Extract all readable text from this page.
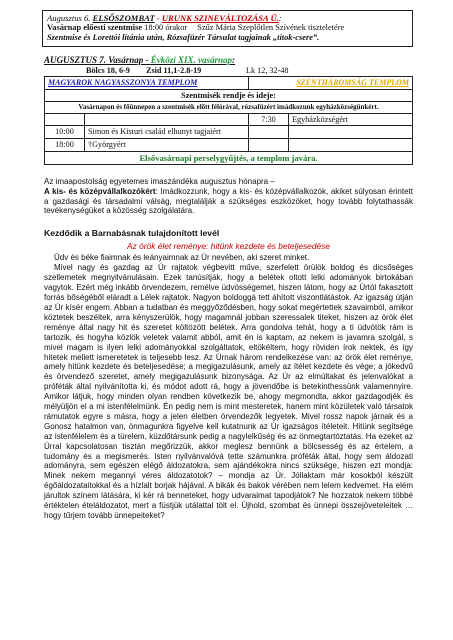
Augusztus 6. ELSŐSZOMBAT - URUNK SZINEVÁLTOZÁSA Ü.:
Vasárnap előesti szentmise 18:00 órakor Szűz Mária Szeplőtlen Szívének tiszteletére
Szentmise és Lorettói litánia után, Rózsafüzér Társulat tagjainak „titok-csere”.
AUGUSZTUS 7. Vasárnap - Évközi XIX. vasárnap:
Bölcs 18, 6-9	Zsid 11,1-2.8-19	Lk 12, 32-48
MAGYAROK NAGYASSZONYA TEMPLOM		SZENTHÁROMSÁG TEMPLOM	
Szentmisék rendje és ideje:			
Vasárnapon és főünnepen a szentmisék előtt félórával, rózsafüzért imádkozunk egyházközségünkért.			
		7:30	Egyházközségért
10:00	Simon és Kisturi család elhunyt tagjaiért		
18:00	†Györgyért		
Elsővasárnapi perselygyűjtés, a templom javára.			
Az imaapostolság egyetemes imaszándéka augusztus hónapra –
A kis- és középvállalkozókért: Imádkozzunk, hogy a kis- és középvállalkozók, akiket súlyosan érintett a gazdasági és társadalmi válság, megtalálják a szükséges eszközöket, hogy tovább folytathassák tevékenységüket a közösség szolgálatára.
Kezdődik a Barnabásnak tulajdonított levél
Az örök élet reménye: hitünk kezdete és beteljesedése

Üdv és béke fiaimnak és leányaimnak az Úr nevében, aki szeret minket.

Mivel nagy és gazdag az Úr rajtatok végbevitt műve, szerfelett örülök boldog és dicsőséges szellemetek megnyilvánulásain. Ezek tanúsítják, hogy a belétek oltott lelki adományok birtokában vagytok. Ezért még inkább örvendezem, remélve üdvösségemet, hiszen látom, hogy az Úrtól fakasztott forrás bőségéből eláradt a Lélek rajtatok. Nagyon boldoggá tett áhított viszontlátástok. Az igazság útján az Úr kísér engem. Abban a tudatban és meggyőződésben, hogy sokat megértettek szavaimból, amikor köztetek beszéltek, arra kényszerülök, hogy magamnál jobban szeressalek titeket, hiszen az örök élet reménye által nagy hit és szeretet költözött belétek. Arra gondolva tehát, hogy a ti üdvötök rám is tartozik, és hogyha közlök veletek valamit abból, amit én is kaptam, az nekem is javamra szolgál, s mivel magam is ilyen lelki adományokkal szolgáltatok, eltökéltem, hogy röviden írok nektek, és így hitetek mellett ismeretetek is teljesebb lesz. Az Úrnak három rendelkezése van: az örök élet reménye, amely hitünk kezdete és beteljesedése; a megigazulásunk, amely az ítélet kezdete és vége; a jókedvű és örvendező szeretet, amely megigazulásunk bizonysága. Az Úr az elmúltakat és jelenvalókat a próféták által nyilvánította ki, és módot adott rá, hogy a jövendőbe is betekinthessünk valamennyire. Amikor látjuk, hogy minden olyan rendben következik be, ahogy megmondta, akkor gazdagodjék és mélyüljön el a mi istenfélelmünk. Én pedig nem is mint mesteretek, hanem mint közületek való társatok rámutatok egyre s másra, hogy a jelen életben örvendezők legyetek. Mivel rossz napok járnak és a Gonosz hatalmon van, önmagunkra figyelve kell kutatnunk az Úr igazságos ítéleteit. Hitünk segítsége az istenfélelem és a türelem, küzdőtársunk pedig a nagylelkűség és az önmegtartóztatás. Ha ezeket az Úrral kapcsolatosan tisztán megőrizzük, akkor meglesz bennünk a bölcsesség és az értelem, a tudomány és a megismerés. Isten nyilvánvalóvá tette számunkra próféták által, hogy sem áldozati adományra, sem egészen elégő áldozatokra, sem ajándékokra nincs szüksége, hiszen ezt mondja: Minek nekem megannyi véres áldozatotok? – mondja az Úr. Jóllaktam már kosokból készült égőáldozataitokkal és a hízlalt borjak hájával. A bikák és bakok vérében nem lelem kedvemet. Ha elém járultok színem látására, ki kér rá benneteket, hogy udvaraimat tapodjátok? Ne hozzatok nekem többé értéktelen ételáldozatot, mert a füstjük utálattal tölt el. Újhold, szombat és ünnepi összejöveteleitek … hogy tűrjem tovább ünnepeiteket?
